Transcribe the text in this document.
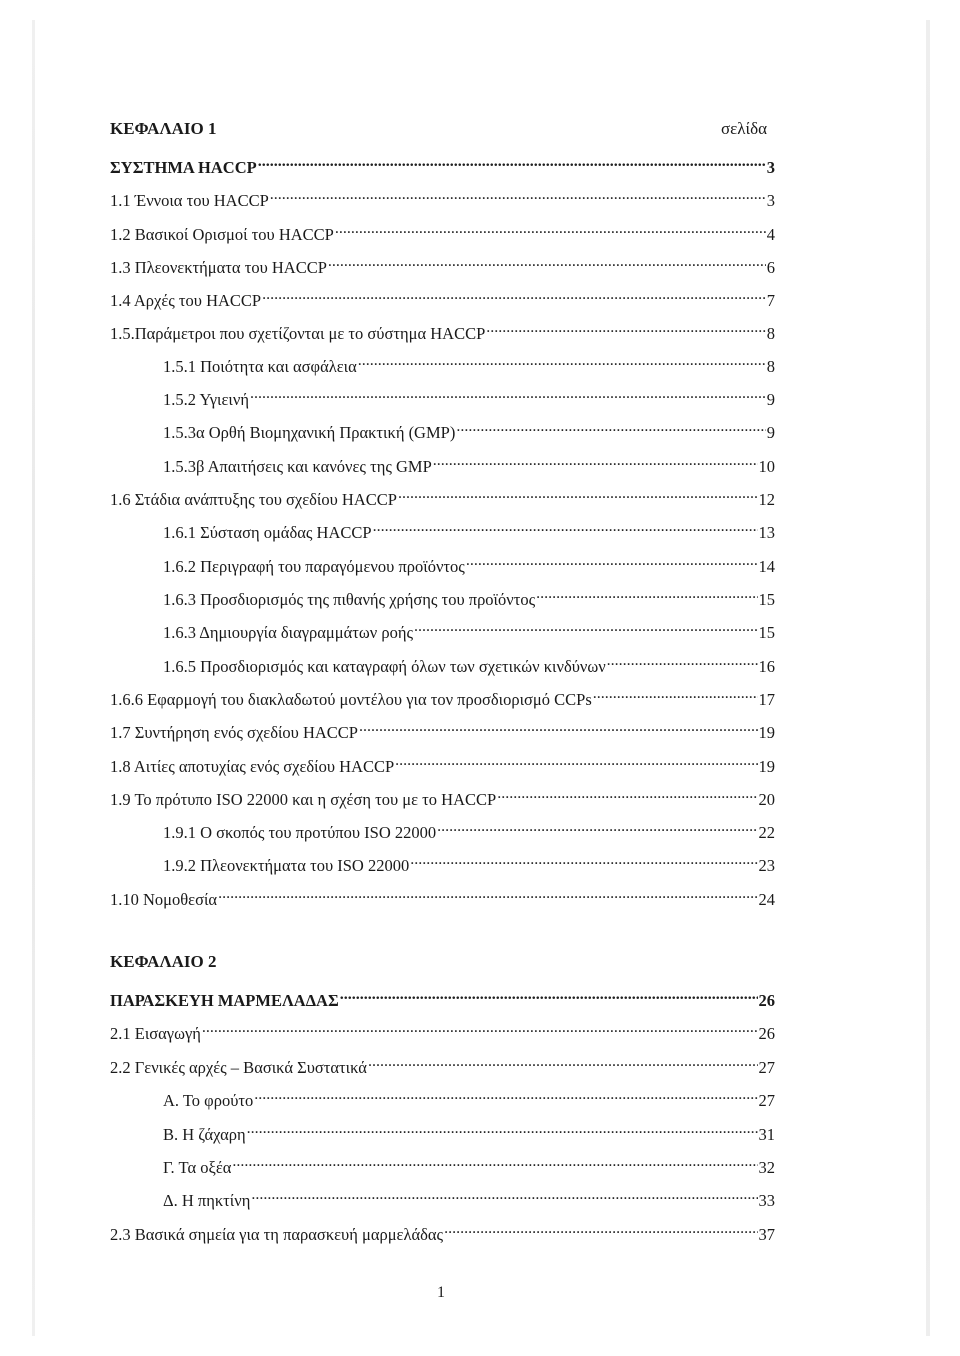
ΚΕΦΑΛΑΙΟ 1	σελίδα
ΣΥΣΤΗΜΑ HACCP .....	3
1.1 Έννοια του HACCP .....	3
1.2 Βασικοί Ορισμοί του HACCP .....	4
1.3 Πλεονεκτήματα του HACCP .....	6
1.4 Αρχές του HACCP .....	7
1.5.Παράμετροι που σχετίζονται με το σύστημα HACCP .....	8
1.5.1 Ποιότητα και ασφάλεια .....	8
1.5.2 Υγιεινή .....	9
1.5.3α Ορθή Βιομηχανική Πρακτική (GMP) .....	9
1.5.3β Απαιτήσεις και κανόνες της GMP .....	10
1.6 Στάδια ανάπτυξης του σχεδίου HACCP .....	12
1.6.1 Σύσταση ομάδας HACCP .....	13
1.6.2 Περιγραφή του παραγόμενου προϊόντος .....	14
1.6.3 Προσδιορισμός της πιθανής χρήσης του προϊόντος .....	15
1.6.3 Δημιουργία διαγραμμάτων ροής .....	15
1.6.5 Προσδιορισμός και καταγραφή όλων των σχετικών κινδύνων .....	16
1.6.6 Εφαρμογή του διακλαδωτού μοντέλου για τον προσδιορισμό CCPs .....	17
1.7 Συντήρηση ενός σχεδίου HACCP .....	19
1.8 Αιτίες αποτυχίας ενός σχεδίου HACCP .....	19
1.9 Το πρότυπο ISO 22000 και η σχέση του με το HACCP .....	20
1.9.1 Ο σκοπός του προτύπου ISO 22000 .....	22
1.9.2 Πλεονεκτήματα του ISO 22000 .....	23
1.10 Νομοθεσία .....	24
ΚΕΦΑΛΑΙΟ 2
ΠΑΡΑΣΚΕΥΗ ΜΑΡΜΕΛΑΔΑΣ .....	26
2.1 Εισαγωγή .....	26
2.2 Γενικές αρχές – Βασικά Συστατικά .....	27
Α. Το φρούτο .....	27
Β. Η ζάχαρη .....	31
Γ. Τα οξέα .....	32
Δ. Η πηκτίνη .....	33
2.3 Βασικά σημεία για τη παρασκευή μαρμελάδας .....	37
1
